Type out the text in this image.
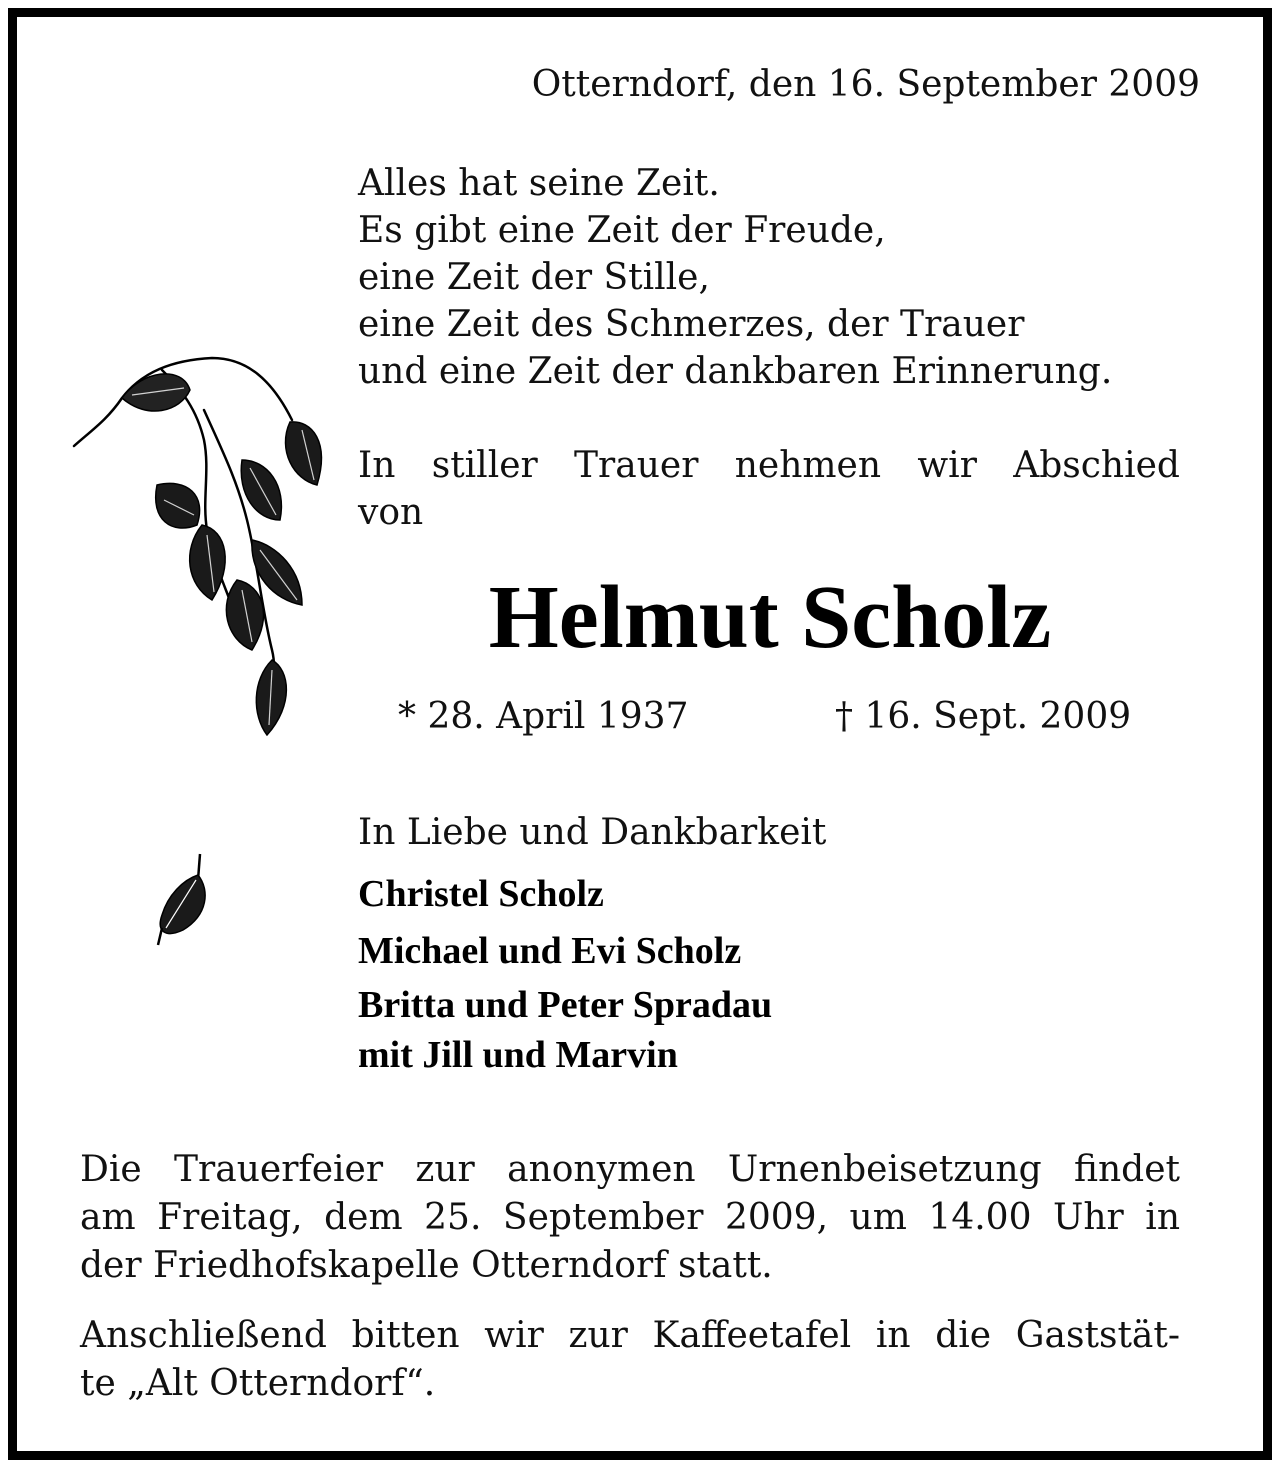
Otterndorf, den 16. September 2009
Alles hat seine Zeit.
Es gibt eine Zeit der Freude,
eine Zeit der Stille,
eine Zeit des Schmerzes, der Trauer
und eine Zeit der dankbaren Erinnerung.
In stiller Trauer nehmen wir Abschied
von
Helmut Scholz
* 28. April 1937	† 16. Sept. 2009
In Liebe und Dankbarkeit
Christel Scholz
Michael und Evi Scholz
Britta und Peter Spradau
mit Jill und Marvin
Die Trauerfeier zur anonymen Urnenbeisetzung findet
am Freitag, dem 25. September 2009, um 14.00 Uhr in
der Friedhofskapelle Otterndorf statt.
Anschließend bitten wir zur Kaffeetafel in die Gaststät-
te „Alt Otterndorf“.
